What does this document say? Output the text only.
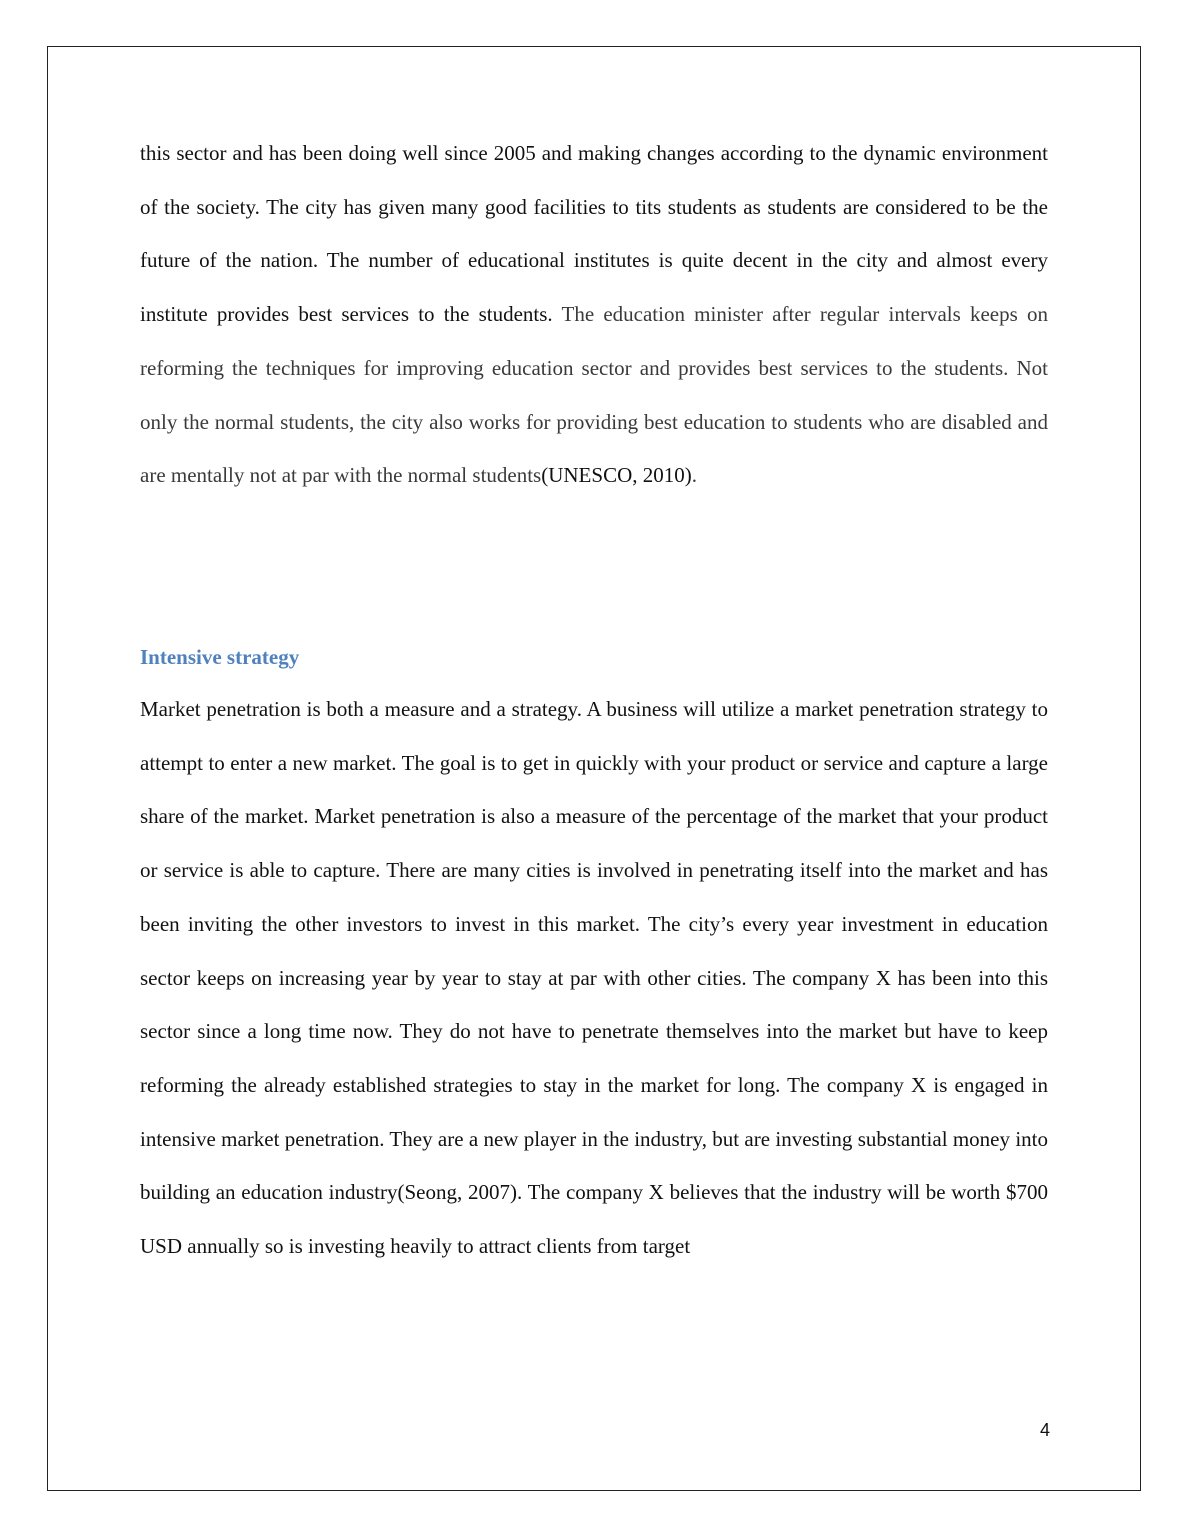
this sector and has been doing well since 2005 and making changes according to the dynamic environment of the society. The city has given many good facilities to tits students as students are considered to be the future of the nation. The number of educational institutes is quite decent in the city and almost every institute provides best services to the students. The education minister after regular intervals keeps on reforming the techniques for improving education sector and provides best services to the students. Not only the normal students, the city also works for providing best education to students who are disabled and are mentally not at par with the normal students(UNESCO, 2010).

Intensive strategy

Market penetration is both a measure and a strategy. A business will utilize a market penetration strategy to attempt to enter a new market. The goal is to get in quickly with your product or service and capture a large share of the market. Market penetration is also a measure of the percentage of the market that your product or service is able to capture. There are many cities is involved in penetrating itself into the market and has been inviting the other investors to invest in this market. The city’s every year investment in education sector keeps on increasing year by year to stay at par with other cities. The company X has been into this sector since a long time now. They do not have to penetrate themselves into the market but have to keep reforming the already established strategies to stay in the market for long. The company X is engaged in intensive market penetration. They are a new player in the industry, but are investing substantial money into building an education industry(Seong, 2007). The company X believes that the industry will be worth $700 USD annually so is investing heavily to attract clients from target

4
